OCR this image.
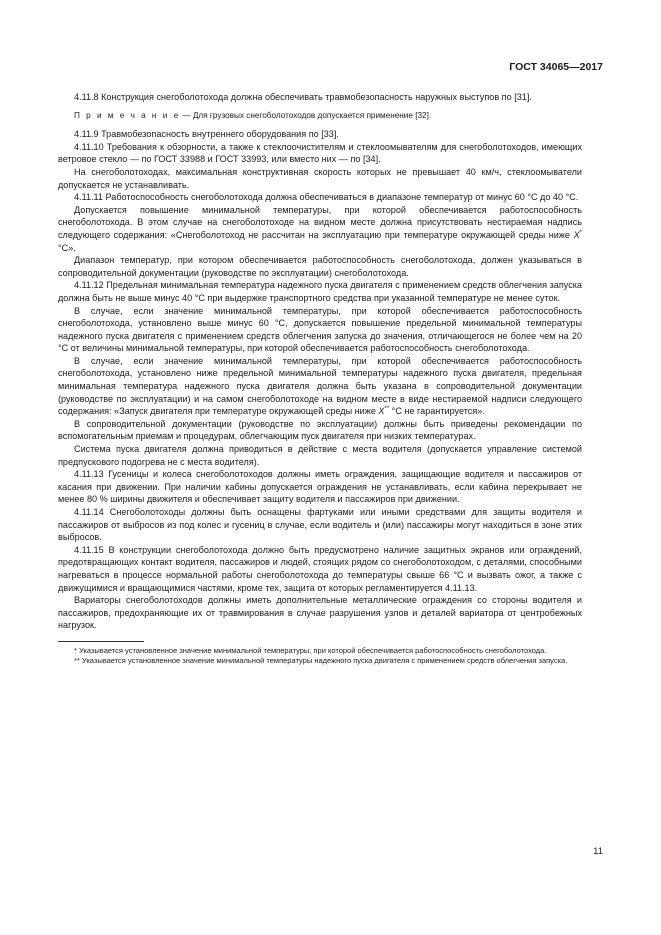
ГОСТ 34065—2017

4.11.8 Конструкция снегоболотохода должна обеспечивать травмобезопасность наружных выступов по [31].

П р и м е ч а н и е — Для грузовых снегоболотоходов допускается применение [32].

4.11.9 Травмобезопасность внутреннего оборудования по [33].

4.11.10 Требования к обзорности, а также к стеклоочистителям и стеклоомывателям для снегоболотоходов, имеющих ветровое стекло — по ГОСТ 33988 и ГОСТ 33993, или вместо них — по [34].

На снегоболотоходах, максимальная конструктивная скорость которых не превышает 40 км/ч, стеклоомыватели допускается не устанавливать.

4.11.11 Работоспособность снегоболотохода должна обеспечиваться в диапазоне температур от минус 60 °С до 40 °С.

Допускается повышение минимальной температуры, при которой обеспечивается работоспособность снегоболотохода. В этом случае на снегоболотоходе на видном месте должна присутствовать нестираемая надпись следующего содержания: «Снегоболотоход не рассчитан на эксплуатацию при температуре окружающей среды ниже X* °С».

Диапазон температур, при котором обеспечивается работоспособность снегоболотохода, должен указываться в сопроводительной документации (руководстве по эксплуатации) снегоболотохода.

4.11.12 Предельная минимальная температура надежного пуска двигателя с применением средств облегчения запуска должна быть не выше минус 40 °С при выдержке транспортного средства при указанной температуре не менее суток.

В случае, если значение минимальной температуры, при которой обеспечивается работоспособность снегоболотохода, установлено выше минус 60 °С, допускается повышение предельной минимальной температуры надежного пуска двигателя с применением средств облегчения запуска до значения, отличающегося не более чем на 20 °С от величины минимальной температуры, при которой обеспечивается работоспособность снегоболотохода.

В случае, если значение минимальной температуры, при которой обеспечивается работоспособность снегоболотохода, установлено ниже предельной минимальной температуры надежного пуска двигателя, предельная минимальная температура надежного пуска двигателя должна быть указана в сопроводительной документации (руководстве по эксплуатации) и на самом снегоболотоходе на видном месте в виде нестираемой надписи следующего содержания: «Запуск двигателя при температуре окружающей среды ниже X** °С не гарантируется».

В сопроводительной документации (руководстве по эксплуатации) должны быть приведены рекомендации по вспомогательным приемам и процедурам, облегчающим пуск двигателя при низких температурах.

Система пуска двигателя должна приводиться в действие с места водителя (допускается управление системой предпускового подогрева не с места водителя).

4.11.13 Гусеницы и колеса снегоболотоходов должны иметь ограждения, защищающие водителя и пассажиров от касания при движении. При наличии кабины допускается ограждения не устанавливать, если кабина перекрывает не менее 80 % ширины движителя и обеспечивает защиту водителя и пассажиров при движении.

4.11.14 Снегоболотоходы должны быть оснащены фартуками или иными средствами для защиты водителя и пассажиров от выбросов из под колес и гусениц в случае, если водитель и (или) пассажиры могут находиться в зоне этих выбросов.

4.11.15 В конструкции снегоболотохода должно быть предусмотрено наличие защитных экранов или ограждений, предотвращающих контакт водителя, пассажиров и людей, стоящих рядом со снегоболотоходом, с деталями, способными нагреваться в процессе нормальной работы снегоболотохода до температуры свыше 66 °С и вызвать ожог, а также с движущимися и вращающимися частями, кроме тех, защита от которых регламентируется 4.11.13.

Вариаторы снегоболотоходов должны иметь дополнительные металлические ограждения со стороны водителя и пассажиров, предохраняющие их от травмирования в случае разрушения узлов и деталей вариатора от центробежных нагрузок.

* Указывается установленное значение минимальной температуры, при которой обеспечивается работоспособность снегоболотохода.

** Указывается установленное значение минимальной температуры надежного пуска двигателя с применением средств облегчения запуска.

11
